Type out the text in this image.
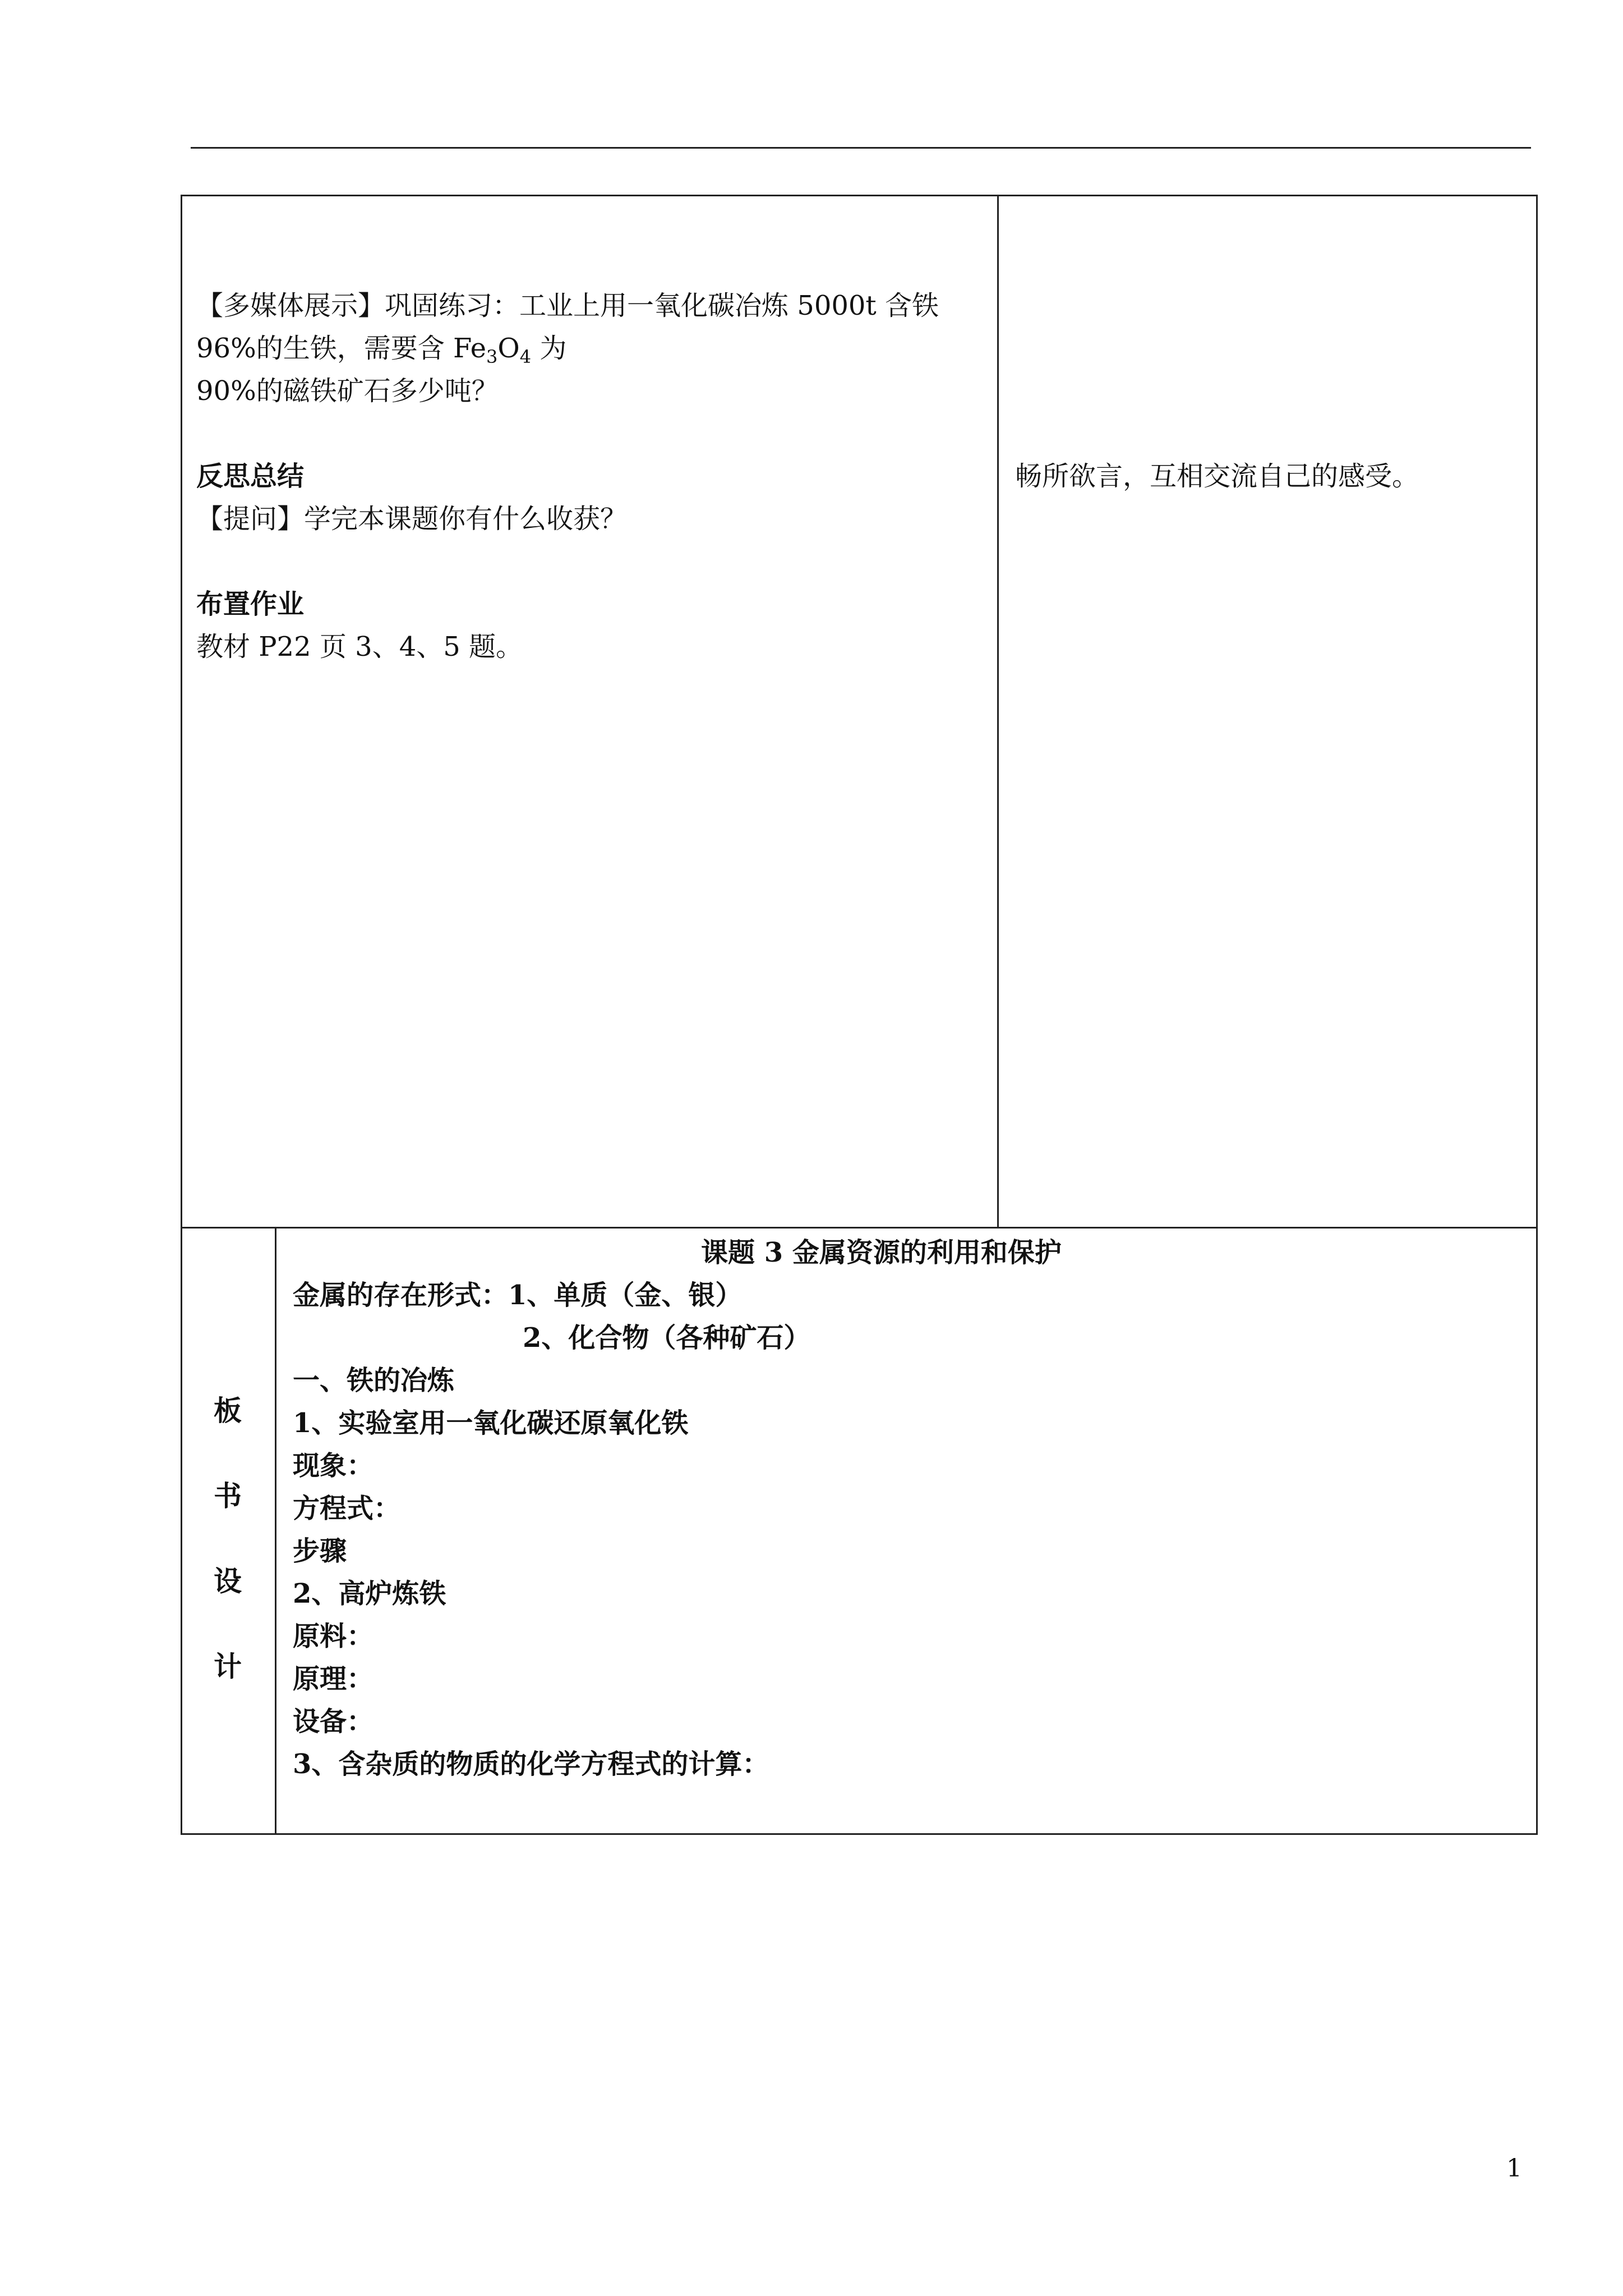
【多媒体展示】巩固练习：工业上用一氧化碳冶炼 5000t 含铁
96%的生铁，需要含 $Fe_3O_4$ 为
90%的磁铁矿石多少吨？
反思总结
【提问】学完本课题你有什么收获？
布置作业
教材 P22 页 3、4、5 题。
畅所欲言，互相交流自己的感受。
板
书
设
计
课题 3 金属资源的利用和保护
金属的存在形式：1、单质（金、银）
2、化合物（各种矿石）
一、铁的冶炼
1、实验室用一氧化碳还原氧化铁
现象：
方程式：
步骤
2、高炉炼铁
原料：
原理：
设备：
3、含杂质的物质的化学方程式的计算：
1
